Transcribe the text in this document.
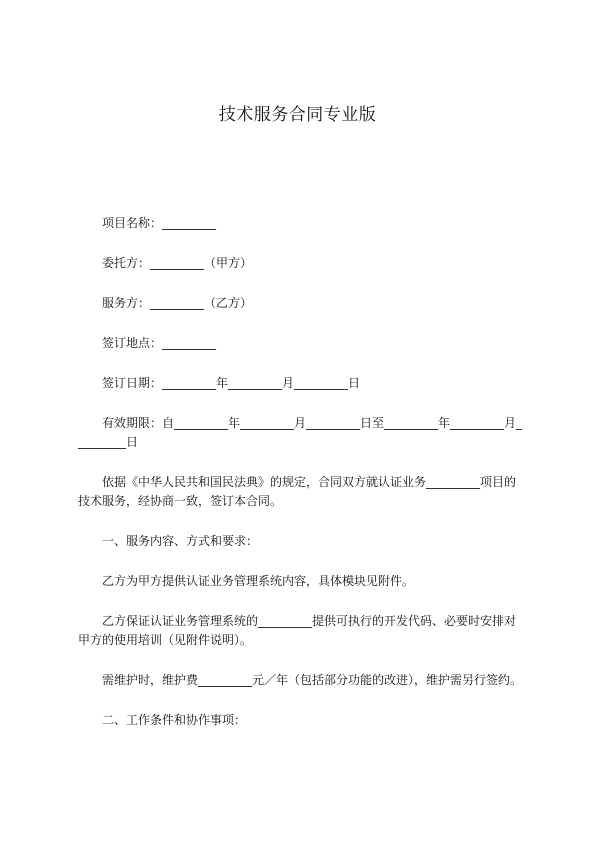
技术服务合同专业版

项目名称：_________

委托方：_________（甲方）

服务方：_________（乙方）

签订地点：_________

签订日期：_________年_________月_________日

有效期限：自_________年_________月_________日至_________年_________月_________日

依据《中华人民共和国民法典》的规定，合同双方就认证业务_________项目的技术服务，经协商一致，签订本合同。

一、服务内容、方式和要求：

乙方为甲方提供认证业务管理系统内容，具体模块见附件。

乙方保证认证业务管理系统的_________提供可执行的开发代码、必要时安排对甲方的使用培训（见附件说明）。

需维护时，维护费_________元／年（包括部分功能的改进），维护需另行签约。

二、工作条件和协作事项：
